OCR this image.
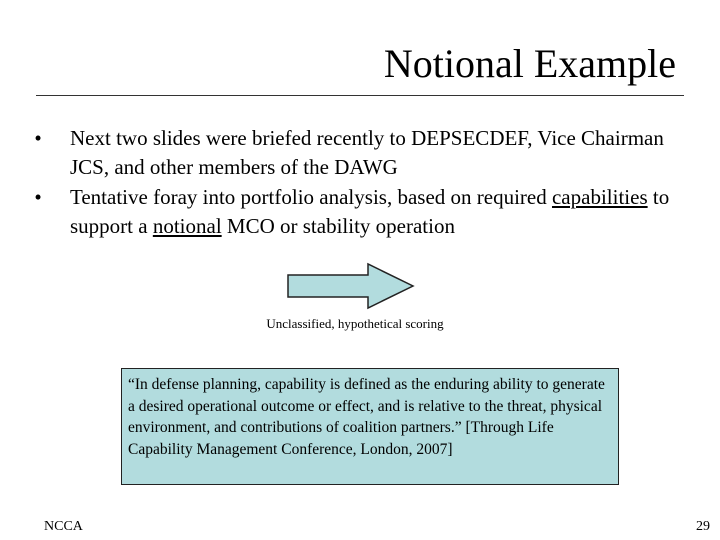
Notional Example
•	Next two slides were briefed recently to DEPSECDEF, Vice Chairman JCS, and other members of the DAWG
•	Tentative foray into portfolio analysis, based on required capabilities to support a notional MCO or stability operation
Unclassified, hypothetical scoring
“In defense planning, capability is defined as the enduring ability to generate a desired operational outcome or effect, and is relative to the threat, physical environment, and contributions of coalition partners.” [Through Life Capability Management Conference, London, 2007]
NCCA	29
